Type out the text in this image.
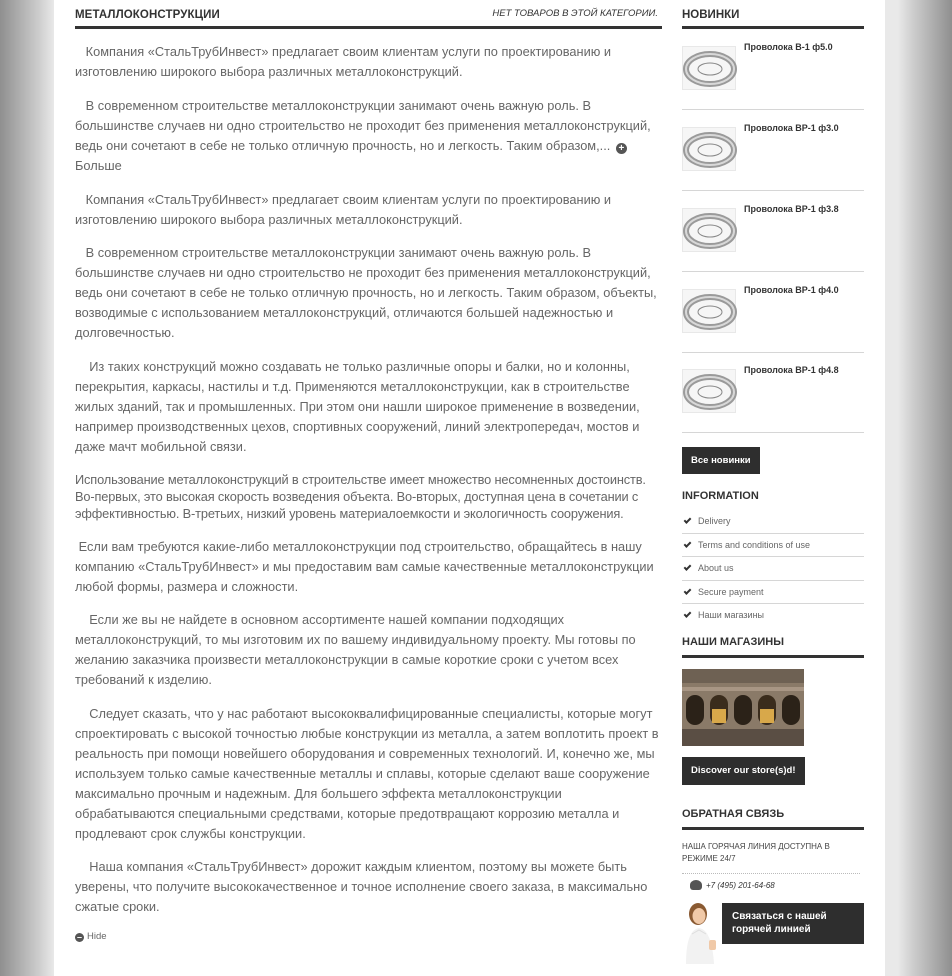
МЕТАЛЛОКОНСТРУКЦИИ	НЕТ ТОВАРОВ В ЭТОЙ КАТЕГОРИИ.

Компания «СтальТрубИнвест» предлагает своим клиентам услуги по проектированию и изготовлению широкого выбора различных металлоконструкций.

В современном строительстве металлоконструкции занимают очень важную роль. В большинстве случаев ни одно строительство не проходит без применения металлоконструкций, ведь они сочетают в себе не только отличную прочность, но и легкость. Таким образом,... +
Больше

Компания «СтальТрубИнвест» предлагает своим клиентам услуги по проектированию и изготовлению широкого выбора различных металлоконструкций.

В современном строительстве металлоконструкции занимают очень важную роль. В большинстве случаев ни одно строительство не проходит без применения металлоконструкций, ведь они сочетают в себе не только отличную прочность, но и легкость. Таким образом, объекты, возводимые с использованием металлоконструкций, отличаются большей надежностью и долговечностью.

Из таких конструкций можно создавать не только различные опоры и балки, но и колонны, перекрытия, каркасы, настилы и т.д. Применяются металлоконструкции, как в строительстве жилых зданий, так и промышленных. При этом они нашли широкое применение в возведении, например производственных цехов, спортивных сооружений, линий электропередач, мостов и даже мачт мобильной связи.

Использование металлоконструкций в строительстве имеет множество несомненных достоинств. Во-первых, это высокая скорость возведения объекта. Во-вторых, доступная цена в сочетании с эффективностью. В-третьих, низкий уровень материалоемкости и экологичность сооружения.

Если вам требуются какие-либо металлоконструкции под строительство, обращайтесь в нашу компанию «СтальТрубИнвест» и мы предоставим вам самые качественные металлоконструкции любой формы, размера и сложности.

Если же вы не найдете в основном ассортименте нашей компании подходящих металлоконструкций, то мы изготовим их по вашему индивидуальному проекту. Мы готовы по желанию заказчика произвести металлоконструкции в самые короткие сроки с учетом всех требований к изделию.

Следует сказать, что у нас работают высококвалифицированные специалисты, которые могут спроектировать с высокой точностью любые конструкции из металла, а затем воплотить проект в реальность при помощи новейшего оборудования и современных технологий. И, конечно же, мы используем только самые качественные металлы и сплавы, которые сделают ваше сооружение максимально прочным и надежным. Для большего эффекта металлоконструкции обрабатываются специальными средствами, которые предотвращают коррозию металла и продлевают срок службы конструкции.

Наша компания «СтальТрубИнвест» дорожит каждым клиентом, поэтому вы можете быть уверены, что получите высококачественное и точное исполнение своего заказа, в максимально сжатые сроки.

– Hide
НОВИНКИ
Проволока В-1 ф5.0
Проволока ВР-1 ф3.0
Проволока ВР-1 ф3.8
Проволока ВР-1 ф4.0
Проволока ВР-1 ф4.8
Все новинки
INFORMATION
Delivery
Terms and conditions of use
About us
Secure payment
Наши магазины
НАШИ МАГАЗИНЫ
Discover our store(s)d!
ОБРАТНАЯ СВЯЗЬ
НАША ГОРЯЧАЯ ЛИНИЯ ДОСТУПНА В РЕЖИМЕ 24/7
+7 (495) 201-64-68
Связаться с нашей горячей линией
